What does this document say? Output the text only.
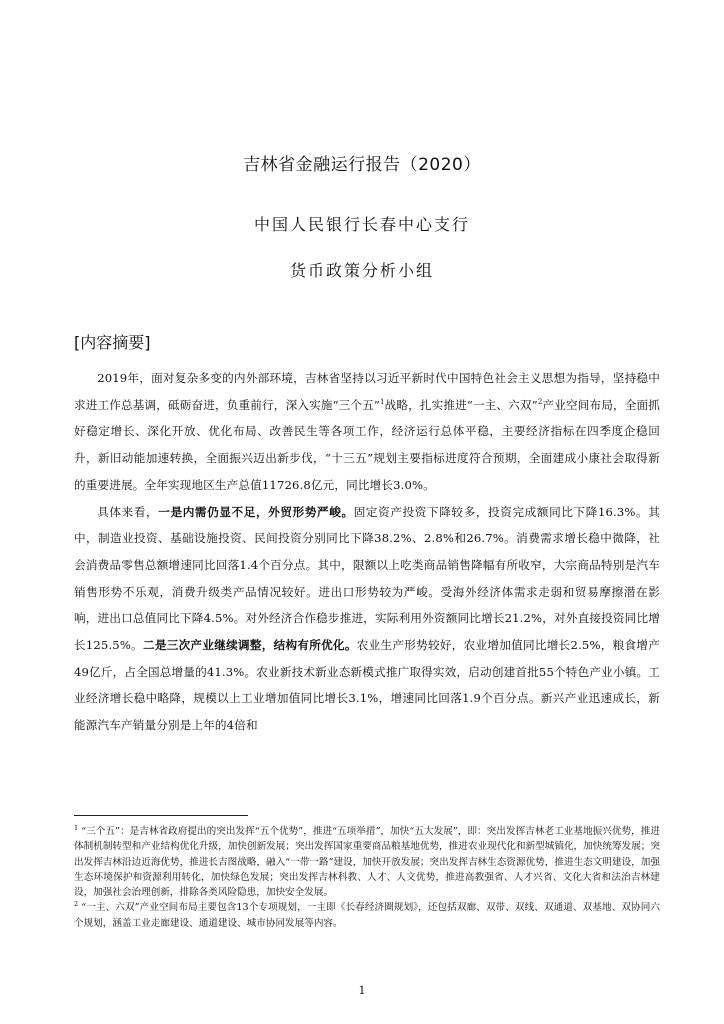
吉林省金融运行报告（2020）
中国人民银行长春中心支行
货币政策分析小组
[内容摘要]

2019年，面对复杂多变的内外部环境，吉林省坚持以习近平新时代中国特色社会主义思想为指导，坚持稳中求进工作总基调，砥砺奋进，负重前行，深入实施“三个五”$^1$战略，扎实推进“一主、六双”$^2$产业空间布局，全面抓好稳定增长、深化开放、优化布局、改善民生等各项工作，经济运行总体平稳，主要经济指标在四季度企稳回升，新旧动能加速转换，全面振兴迈出新步伐，“十三五”规划主要指标进度符合预期，全面建成小康社会取得新的重要进展。全年实现地区生产总值11726.8亿元，同比增长3.0%。

具体来看，一是内需仍显不足，外贸形势严峻。固定资产投资下降较多，投资完成额同比下降16.3%。其中，制造业投资、基础设施投资、民间投资分别同比下降38.2%、2.8%和26.7%。消费需求增长稳中微降，社会消费品零售总额增速同比回落1.4个百分点。其中，限额以上吃类商品销售降幅有所收窄，大宗商品特别是汽车销售形势不乐观，消费升级类产品情况较好。进出口形势较为严峻。受海外经济体需求走弱和贸易摩擦潜在影响，进出口总值同比下降4.5%。对外经济合作稳步推进，实际利用外资额同比增长21.2%，对外直接投资同比增长125.5%。二是三次产业继续调整，结构有所优化。农业生产形势较好，农业增加值同比增长2.5%，粮食增产49亿斤，占全国总增量的41.3%。农业新技术新业态新模式推广取得实效，启动创建首批55个特色产业小镇。工业经济增长稳中略降，规模以上工业增加值同比增长3.1%，增速同比回落1.9个百分点。新兴产业迅速成长，新能源汽车产销量分别是上年的4倍和

$^1$ “三个五”：是吉林省政府提出的突出发挥“五个优势”，推进“五项举措”，加快“五大发展”，即：突出发挥吉林老工业基地振兴优势，推进体制机制转型和产业结构优化升级，加快创新发展；突出发挥国家重要商品粮基地优势，推进农业现代化和新型城镇化，加快统筹发展；突出发挥吉林沿边近海优势，推进长吉图战略，融入“一带一路”建设，加快开放发展；突出发挥吉林生态资源优势，推进生态文明建设，加强生态环境保护和资源利用转化，加快绿色发展；突出发挥吉林科教、人才、人文优势，推进高教强省、人才兴省、文化大省和法治吉林建设，加强社会治理创新，排除各类风险隐患，加快安全发展。

$^2$ “一主、六双”产业空间布局主要包含13个专项规划，一主即《长春经济圈规划》，还包括双廊、双带、双线、双通道、双基地、双协同六个规划，涵盖工业走廊建设、通道建设、城市协同发展等内容。

1
